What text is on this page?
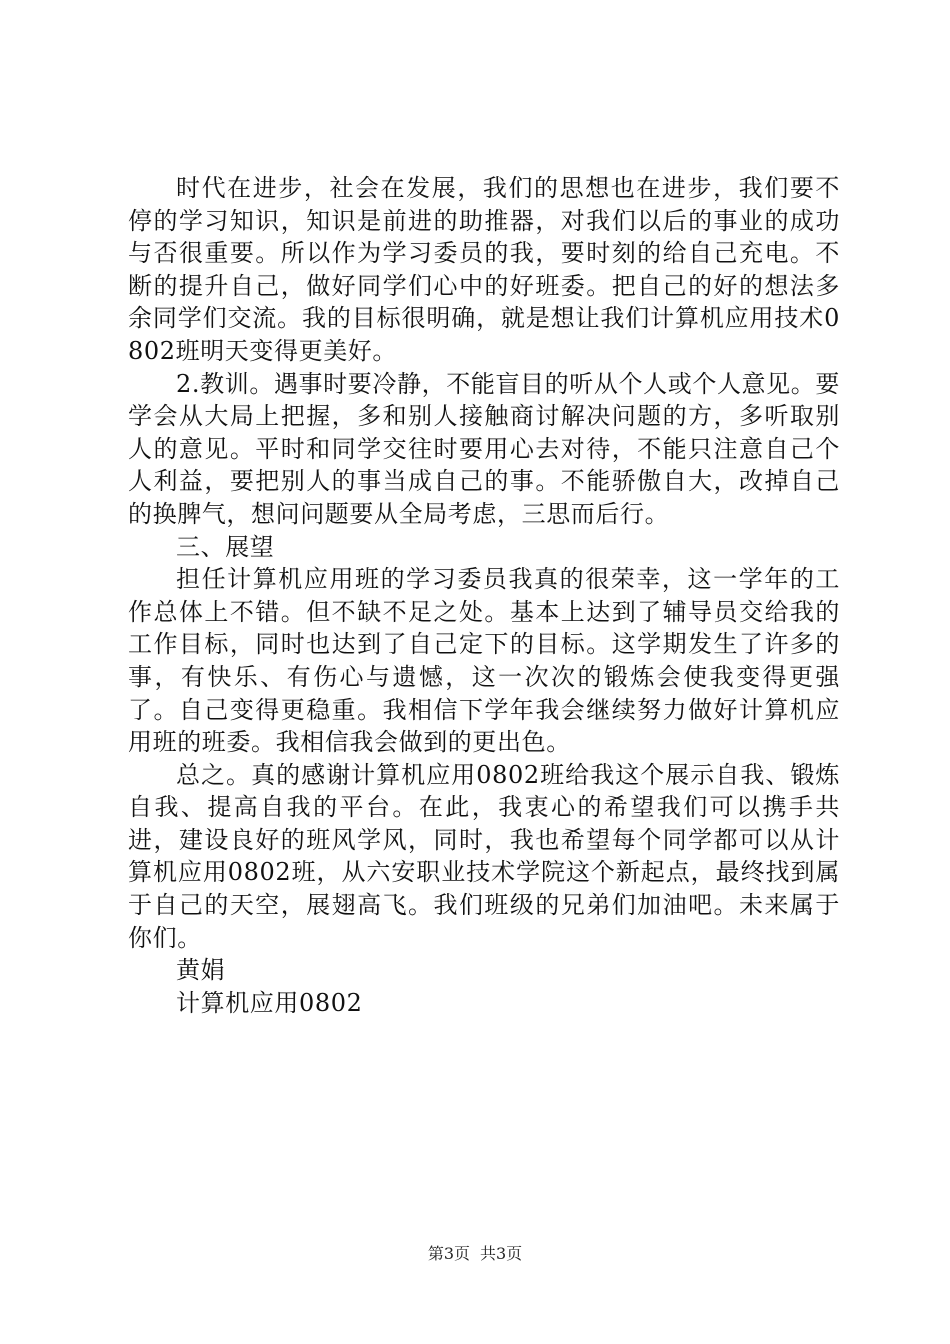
时代在进步，社会在发展，我们的思想也在进步，我们要不停的学习知识，知识是前进的助推器，对我们以后的事业的成功与否很重要。所以作为学习委员的我，要时刻的给自己充电。不断的提升自己，做好同学们心中的好班委。把自己的好的想法多余同学们交流。我的目标很明确，就是想让我们计算机应用技术0802班明天变得更美好。

2.教训。遇事时要冷静，不能盲目的听从个人或个人意见。要学会从大局上把握，多和别人接触商讨解决问题的方，多听取别人的意见。平时和同学交往时要用心去对待，不能只注意自己个人利益，要把别人的事当成自己的事。不能骄傲自大，改掉自己的换脾气，想问问题要从全局考虑，三思而后行。

三、展望

担任计算机应用班的学习委员我真的很荣幸，这一学年的工作总体上不错。但不缺不足之处。基本上达到了辅导员交给我的工作目标，同时也达到了自己定下的目标。这学期发生了许多的事，有快乐、有伤心与遗憾，这一次次的锻炼会使我变得更强了。自己变得更稳重。我相信下学年我会继续努力做好计算机应用班的班委。我相信我会做到的更出色。

总之。真的感谢计算机应用0802班给我这个展示自我、锻炼自我、提高自我的平台。在此，我衷心的希望我们可以携手共进，建设良好的班风学风，同时，我也希望每个同学都可以从计算机应用0802班，从六安职业技术学院这个新起点，最终找到属于自己的天空，展翅高飞。我们班级的兄弟们加油吧。未来属于你们。

黄娟

计算机应用0802

第3页 共3页
